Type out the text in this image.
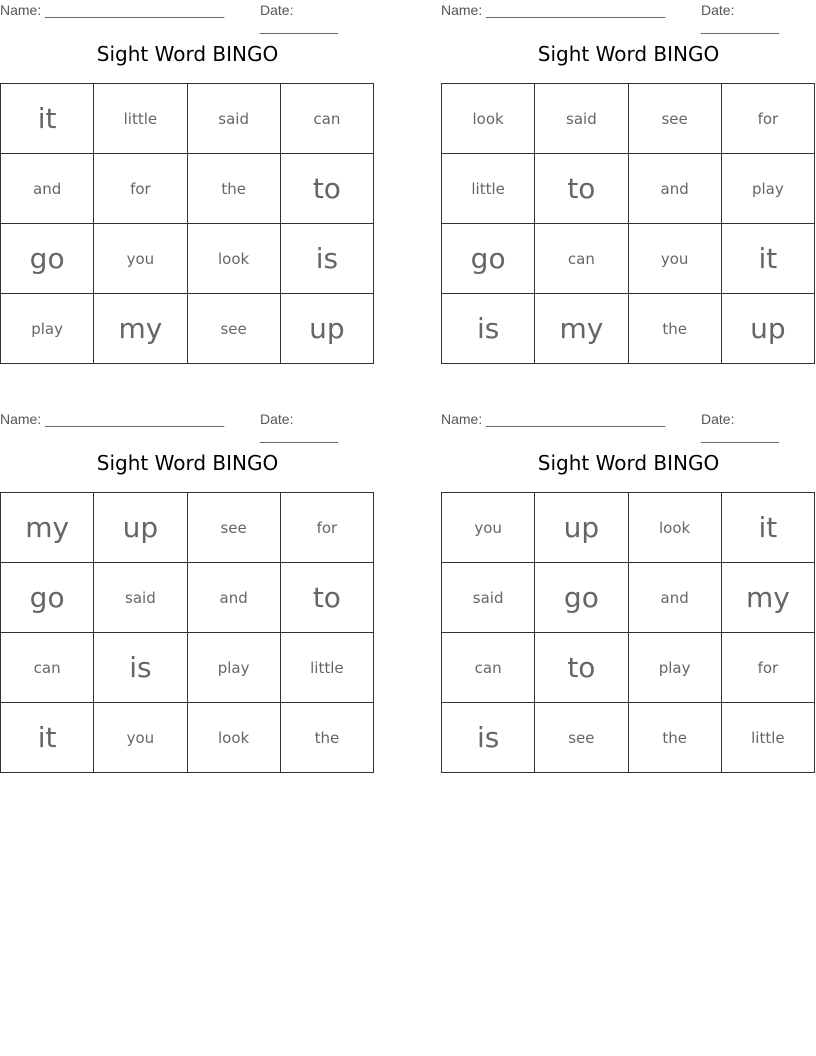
Name: _______________________	Date: __________
Sight Word BINGO
it	little	said	can
and	for	the	to
go	you	look	is
play	my	see	up
Name: _______________________	Date: __________
Sight Word BINGO
look	said	see	for
little	to	and	play
go	can	you	it
is	my	the	up
Name: _______________________	Date: __________
Sight Word BINGO
my	up	see	for
go	said	and	to
can	is	play	little
it	you	look	the
Name: _______________________	Date: __________
Sight Word BINGO
you	up	look	it
said	go	and	my
can	to	play	for
is	see	the	little
